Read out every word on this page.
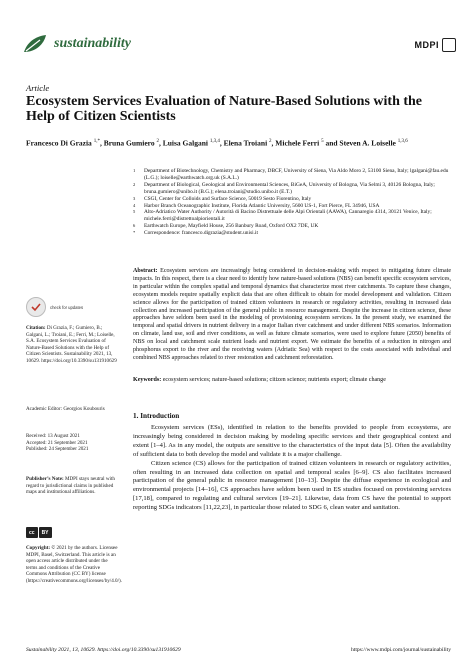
sustainability	MDPI
Article
Ecosystem Services Evaluation of Nature-Based Solutions with the Help of Citizen Scientists
Francesco Di Grazia $^{1,*}$, Bruna Gumiero $^2$, Luisa Galgani $^{1,3,4}$, Elena Troiani $^2$, Michele Ferri $^5$ and Steven A. Loiselle $^{1,3,6}$
1	Department of Biotechnology, Chemistry and Pharmacy, DBCF, University of Siena, Via Aldo Moro 2, 53100 Siena, Italy; lgalgani@fau.edu (L.G.); loiselle@earthwatch.org.uk (S.A.L.)
2	Department of Biological, Geological and Environmental Sciences, BiGeA, University of Bologna, Via Selmi 3, 40126 Bologna, Italy; bruna.gumiero@unibo.it (B.G.); elena.troiani@studio.unibo.it (E.T.)
3	CSGI, Center for Colloids and Surface Science, 50019 Sesto Fiorentino, Italy
4	Harbor Branch Oceanographic Institute, Florida Atlantic University, 5600 US-1, Fort Pierce, FL 34946, USA
5	Alto-Adriatico Water Authority / Autorità di Bacino Distrettuale delle Alpi Orientali (AAWA), Cannaregio 4314, 30121 Venice, Italy; michele.ferri@distrettoalpiorientali.it
6	Earthwatch Europe, Mayfield House, 256 Banbury Road, Oxford OX2 7DE, UK
*	Correspondence: francesco.digrazia@student.unisi.it
Abstract: Ecosystem services are increasingly being considered in decision-making with respect to mitigating future climate impacts. In this respect, there is a clear need to identify how nature-based solutions (NBS) can benefit specific ecosystem services, in particular within the complex spatial and temporal dynamics that characterize most river catchments. To capture these changes, ecosystem models require spatially explicit data that are often difficult to obtain for model development and validation. Citizen science allows for the participation of trained citizen volunteers in research or regulatory activities, resulting in increased data collection and increased participation of the general public in resource management. Despite the increase in citizen science, these approaches have seldom been used in the modeling of provisioning ecosystem services. In the present study, we examined the temporal and spatial drivers in nutrient delivery in a major Italian river catchment and under different NBS scenarios. Information on climate, land use, soil and river conditions, as well as future climate scenarios, were used to explore future (2050) benefits of NBS on local and catchment scale nutrient loads and nutrient export. We estimate the benefits of a reduction in nitrogen and phosphorus export to the river and the receiving waters (Adriatic Sea) with respect to the costs associated with individual and combined NBS approaches related to river restoration and catchment reforestation.
Keywords: ecosystem services; nature-based solutions; citizen science; nutrients export; climate change
1. Introduction

Ecosystem services (ESs), identified in relation to the benefits provided to people from ecosystems, are increasingly being considered in decision making by modeling specific services and their geographical context and extent [1–4]. As in any model, the outputs are sensitive to the characteristics of the input data [5]. Often the availability of sufficient data to both develop the model and validate it is a major challenge.

Citizen science (CS) allows for the participation of trained citizen volunteers in research or regulatory activities, often resulting in an increased data collection on spatial and temporal scales [6–9]. CS also facilitates increased participation of the general public in resource management [10–13]. Despite the diffuse experience in ecological and environmental projects [14–16], CS approaches have seldom been used in ES studies focused on provisioning services [17,18], compared to regulating and cultural services [19–21]. Likewise, data from CS have the potential to support reporting SDGs indicators [11,22,23], in particular those related to SDG 6, clean water and sanitation.

check for updates
Citation: Di Grazia, F.; Gumiero, B.; Galgani, L.; Troiani, E.; Ferri, M.; Loiselle, S.A. Ecosystem Services Evaluation of Nature-Based Solutions with the Help of Citizen Scientists. Sustainability 2021, 13, 10629. https://doi.org/10.3390/su131910629
Academic Editor: Georgios Koubouris
Received: 13 August 2021
Accepted: 21 September 2021
Published: 24 September 2021
Publisher’s Note: MDPI stays neutral with regard to jurisdictional claims in published maps and institutional affiliations.
cc	BY
Copyright: © 2021 by the authors. Licensee MDPI, Basel, Switzerland. This article is an open access article distributed under the terms and conditions of the Creative Commons Attribution (CC BY) license (https://creativecommons.org/licenses/by/4.0/).
Sustainability 2021, 13, 10629. https://doi.org/10.3390/su131910629	https://www.mdpi.com/journal/sustainability
